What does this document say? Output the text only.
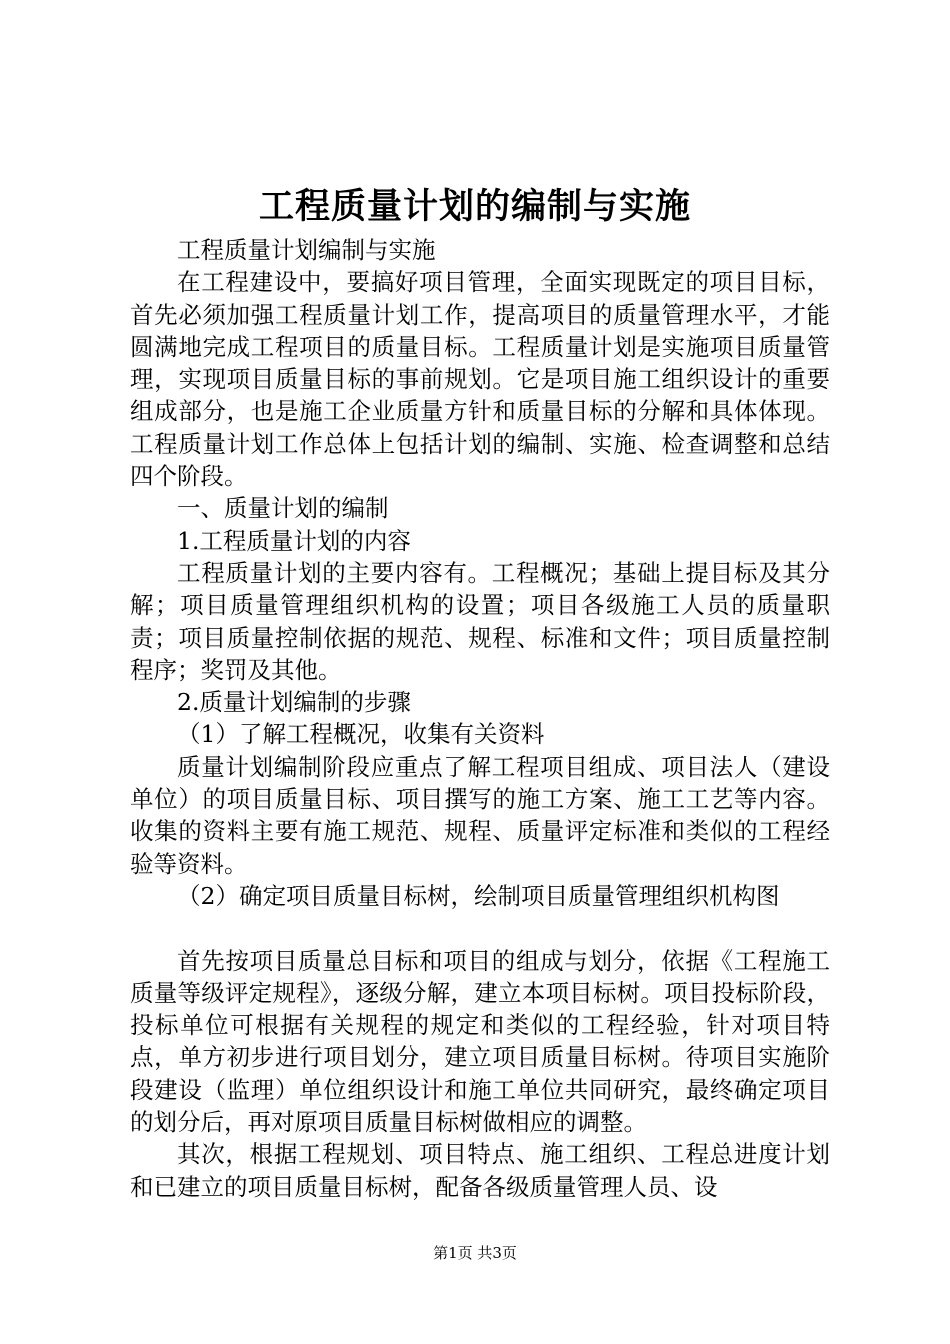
工程质量计划的编制与实施

工程质量计划编制与实施

在工程建设中，要搞好项目管理，全面实现既定的项目目标，首先必须加强工程质量计划工作，提高项目的质量管理水平，才能圆满地完成工程项目的质量目标。工程质量计划是实施项目质量管理，实现项目质量目标的事前规划。它是项目施工组织设计的重要组成部分，也是施工企业质量方针和质量目标的分解和具体体现。工程质量计划工作总体上包括计划的编制、实施、检查调整和总结四个阶段。

一、质量计划的编制

1.工程质量计划的内容

工程质量计划的主要内容有。工程概况；基础上提目标及其分解；项目质量管理组织机构的设置；项目各级施工人员的质量职责；项目质量控制依据的规范、规程、标准和文件；项目质量控制程序；奖罚及其他。

2.质量计划编制的步骤

（1）了解工程概况，收集有关资料

质量计划编制阶段应重点了解工程项目组成、项目法人（建设单位）的项目质量目标、项目撰写的施工方案、施工工艺等内容。收集的资料主要有施工规范、规程、质量评定标准和类似的工程经验等资料。

（2）确定项目质量目标树，绘制项目质量管理组织机构图

首先按项目质量总目标和项目的组成与划分，依据《工程施工质量等级评定规程》，逐级分解，建立本项目标树。项目投标阶段，投标单位可根据有关规程的规定和类似的工程经验，针对项目特点，单方初步进行项目划分，建立项目质量目标树。待项目实施阶段建设（监理）单位组织设计和施工单位共同研究，最终确定项目的划分后，再对原项目质量目标树做相应的调整。

其次，根据工程规划、项目特点、施工组织、工程总进度计划和已建立的项目质量目标树，配备各级质量管理人员、设

第1页 共3页
